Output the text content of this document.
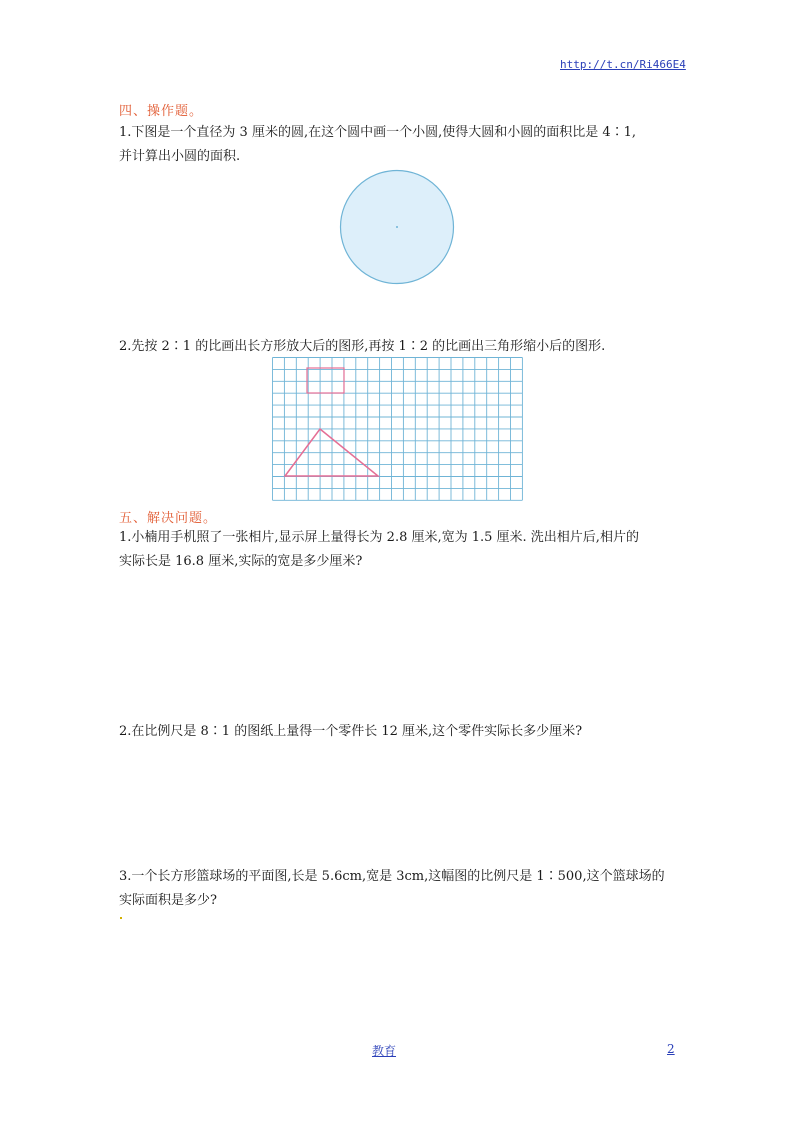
http://t.cn/Ri466E4
四、操作题。
1.下图是一个直径为 3 厘米的圆,在这个圆中画一个小圆,使得大圆和小圆的面积比是 4∶1,
并计算出小圆的面积.
2.先按 2∶1 的比画出长方形放大后的图形,再按 1∶2 的比画出三角形缩小后的图形.
五、解决问题。
1.小楠用手机照了一张相片,显示屏上量得长为 2.8 厘米,宽为 1.5 厘米. 洗出相片后,相片的
实际长是 16.8 厘米,实际的宽是多少厘米?
2.在比例尺是 8∶1 的图纸上量得一个零件长 12 厘米,这个零件实际长多少厘米?
3.一个长方形篮球场的平面图,长是 5.6cm,宽是 3cm,这幅图的比例尺是 1∶500,这个篮球场的
实际面积是多少?
教育	2
